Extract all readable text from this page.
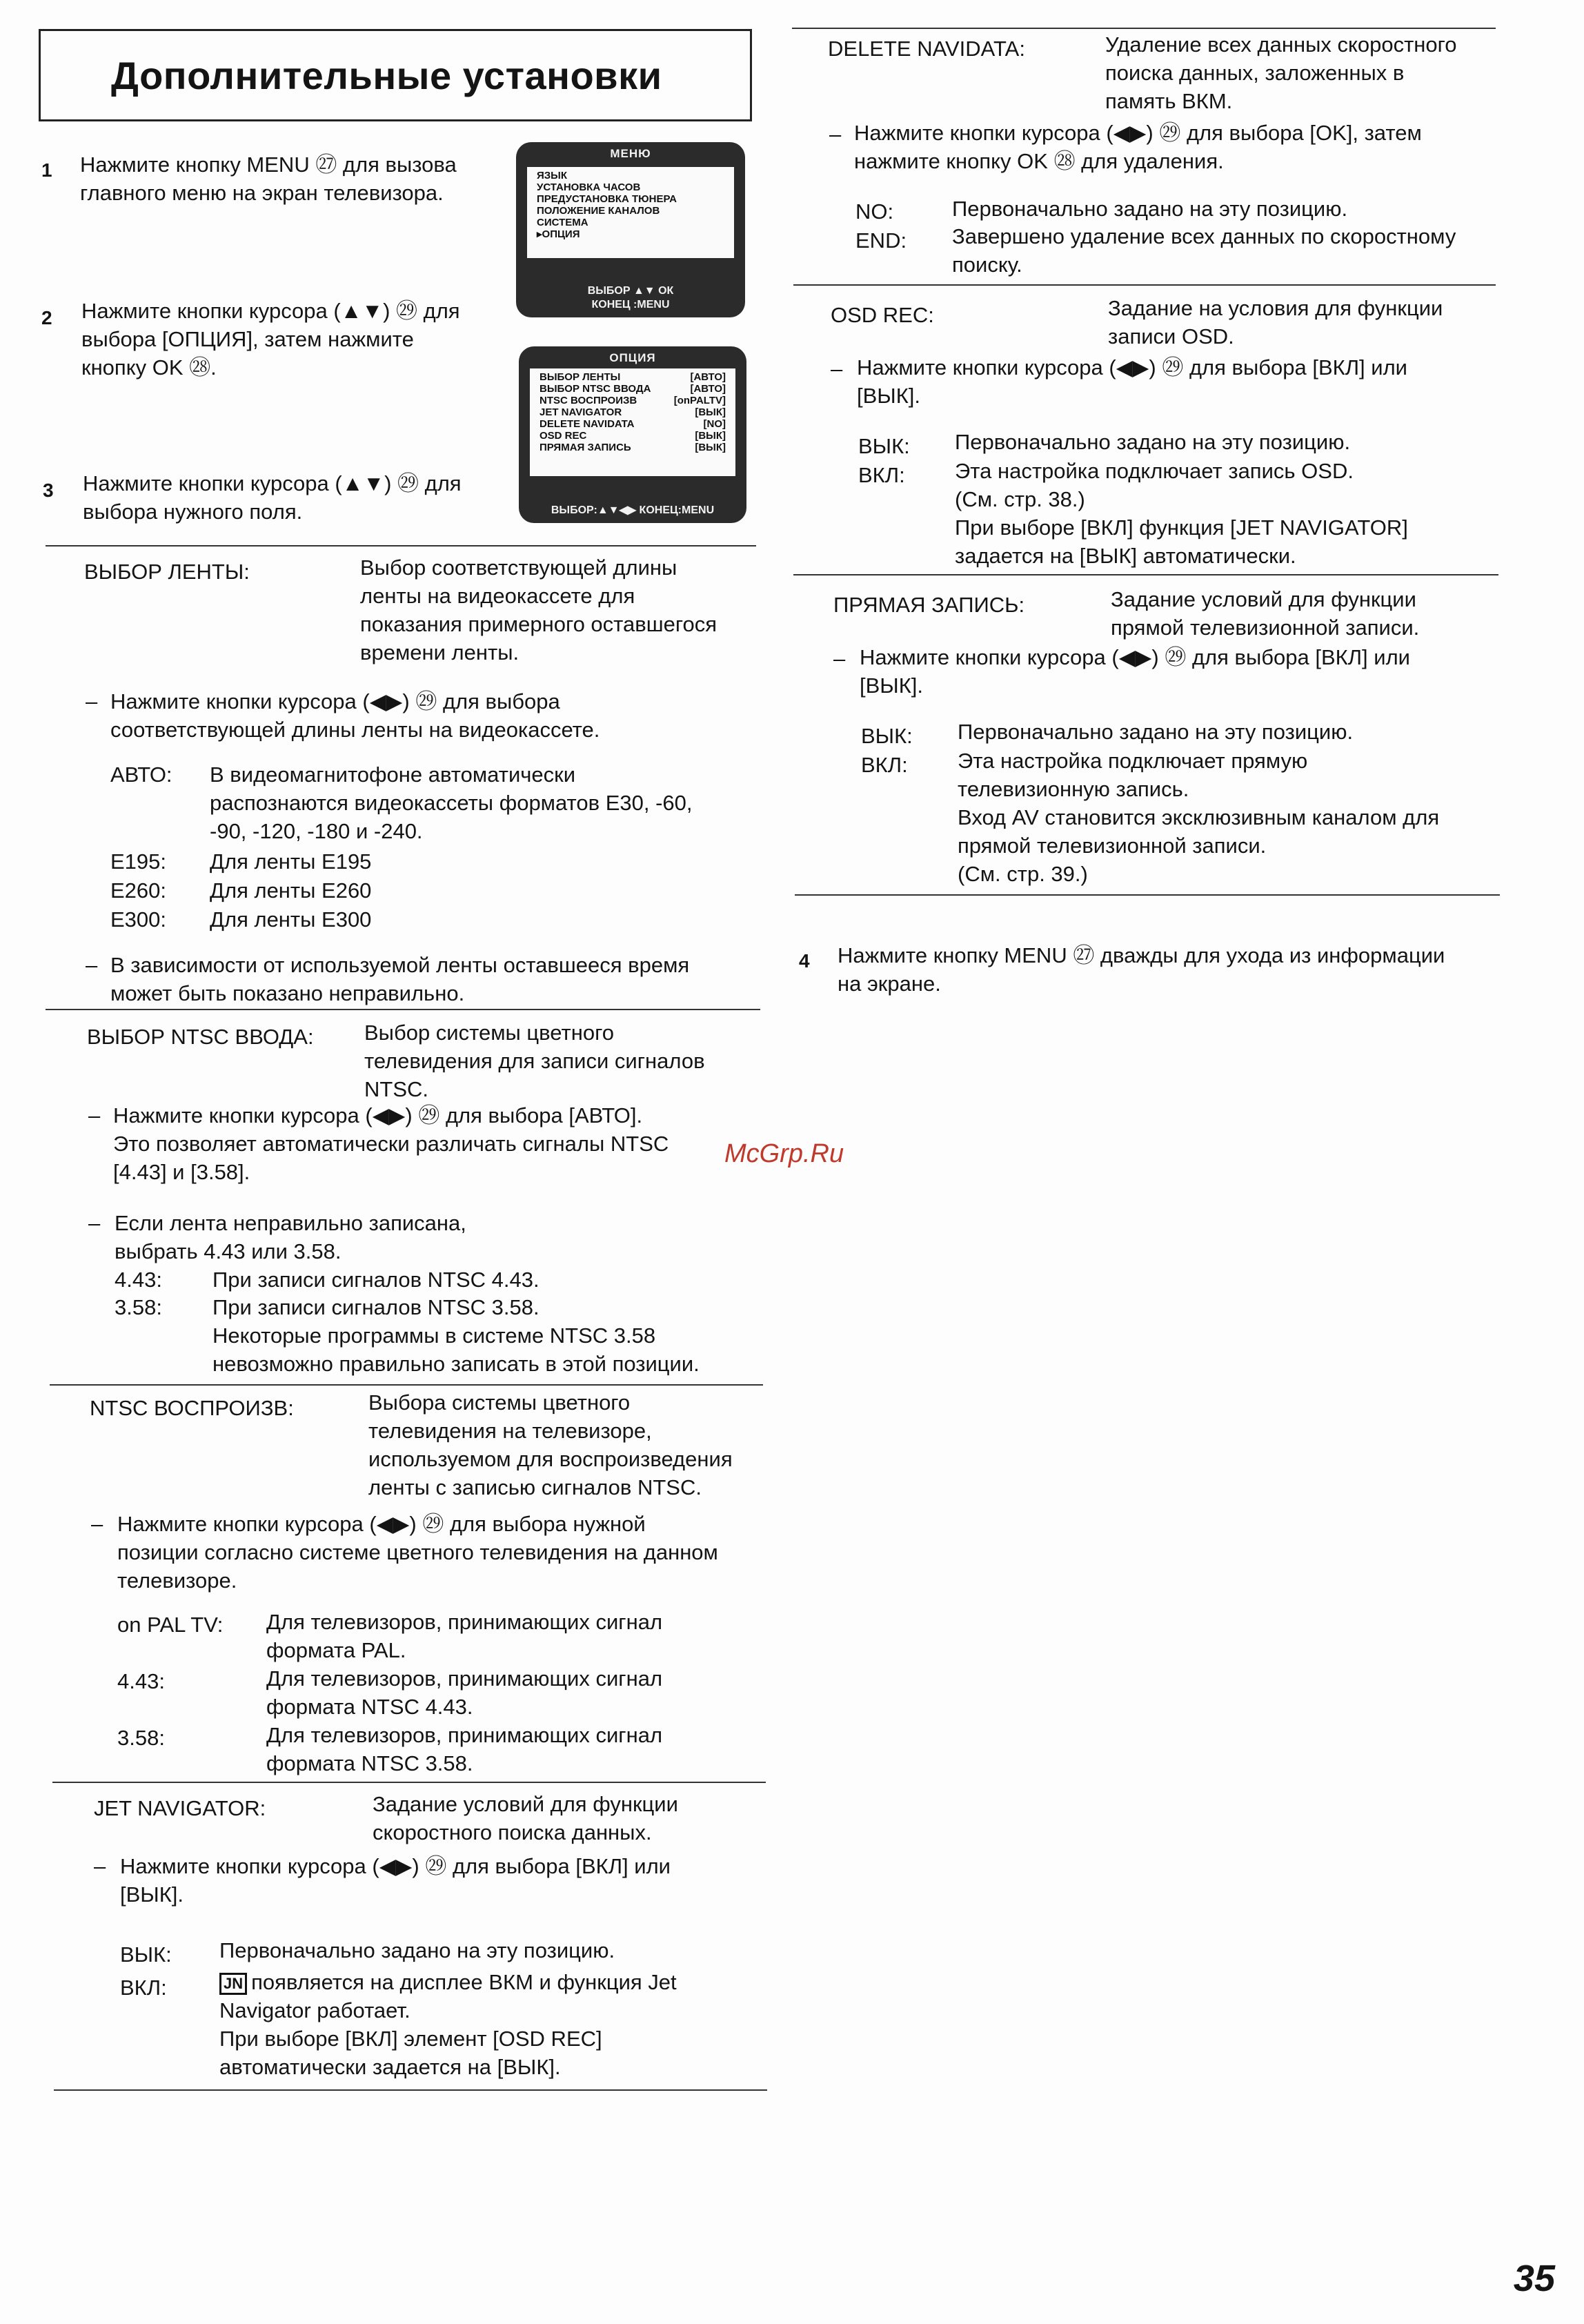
Дополнительные установки
1 Нажмите кнопку MENU ㉗ для вызова
главного меню на экран телевизора.
МЕНЮ
ЯЗЫК
УСТАНОВКА ЧАСОВ
ПРЕДУСТАНОВКА ТЮНЕРА
ПОЛОЖЕНИЕ КАНАЛОВ
СИСТЕМА
▸ОПЦИЯ
ВЫБОР ▲▼ ОК
КОНЕЦ :MENU
2 Нажмите кнопки курсора (▲▼) ㉙ для
выбора [ОПЦИЯ], затем нажмите
кнопку OK ㉘.	ОПЦИЯ
ВЫБОР ЛЕНТЫ	[АВТО]
ВЫБОР NTSC ВВОДА	[АВТО]
NTSC ВОСПРОИЗВ	[onPALTV]
JET NAVIGATOR	[ВЫК]
DELETE NAVIDATA	[NO]
OSD REC	[ВЫК]
ПРЯМАЯ ЗАПИСЬ	[ВЫК]
ВЫБОР:▲▼◀▶ КОНЕЦ:MENU
3 Нажмите кнопки курсора (▲▼) ㉙ для
выбора нужного поля.
ВЫБОР ЛЕНТЫ:	Выбор соответствующей длины
ленты на видеокассете для
показания примерного оставшегося
времени ленты.
– Нажмите кнопки курсора (◀▶) ㉙ для выбора
соответствующей длины ленты на видеокассете.
АВТО: В видеомагнитофоне автоматически
распознаются видеокассеты форматов Е30, -60,
-90, -120, -180 и -240.
Е195: Для ленты Е195
Е260: Для ленты Е260
Е300: Для ленты Е300
– В зависимости от используемой ленты оставшееся время
может быть показано неправильно.
ВЫБОР NTSC ВВОДА: Выбор системы цветного
телевидения для записи сигналов
NTSC.
– Нажмите кнопки курсора (◀▶) ㉙ для выбора [АВТО].
Это позволяет автоматически различать сигналы NTSC
[4.43] и [3.58].
– Если лента неправильно записана,
выбрать 4.43 или 3.58.
4.43: При записи сигналов NTSC 4.43.
3.58: При записи сигналов NTSC 3.58.
Некоторые программы в системе NTSC 3.58
невозможно правильно записать в этой позиции.
NTSC ВОСПРОИЗВ:	Выбора системы цветного
телевидения на телевизоре,
используемом для воспроизведения
ленты с записью сигналов NTSC.
– Нажмите кнопки курсора (◀▶) ㉙ для выбора нужной
позиции согласно системе цветного телевидения на данном
телевизоре.
on PAL TV: Для телевизоров, принимающих сигнал
формата PAL.
4.43:	Для телевизоров, принимающих сигнал
формата NTSC 4.43.
3.58:	Для телевизоров, принимающих сигнал
формата NTSC 3.58.
JET NAVIGATOR:	Задание условий для функции
скоростного поиска данных.
– Нажмите кнопки курсора (◀▶) ㉙ для выбора [ВКЛ] или
[ВЫК].
ВЫК: Первоначально задано на эту позицию.
ВКЛ:	JN появляется на дисплее ВКМ и функция Jet
Navigator работает.
При выборе [ВКЛ] элемент [OSD REC]
автоматически задается на [ВЫК].
DELETE NAVIDATA:	Удаление всех данных скоростного
поиска данных, заложенных в
память ВКМ.
– Нажмите кнопки курсора (◀▶) ㉙ для выбора [OK], затем
нажмите кнопку OK ㉘ для удаления.
NO:	Первоначально задано на эту позицию.
END: Завершено удаление всех данных по скоростному
поиску.
OSD REC:	Задание на условия для функции
записи OSD.
– Нажмите кнопки курсора (◀▶) ㉙ для выбора [ВКЛ] или
[ВЫК].
ВЫК: Первоначально задано на эту позицию.
ВКЛ: Эта настройка подключает запись OSD.
(См. стр. 38.)
При выборе [ВКЛ] функция [JET NAVIGATOR]
задается на [ВЫК] автоматически.
ПРЯМАЯ ЗАПИСЬ:	Задание условий для функции
прямой телевизионной записи.
– Нажмите кнопки курсора (◀▶) ㉙ для выбора [ВКЛ] или
[ВЫК].
ВЫК: Первоначально задано на эту позицию.
ВКЛ: Эта настройка подключает прямую
телевизионную запись.
Вход AV становится эксклюзивным каналом для
прямой телевизионной записи.
(См. стр. 39.)
4 Нажмите кнопку MENU ㉗ дважды для ухода из информации
на экране.
McGrp.Ru
35
